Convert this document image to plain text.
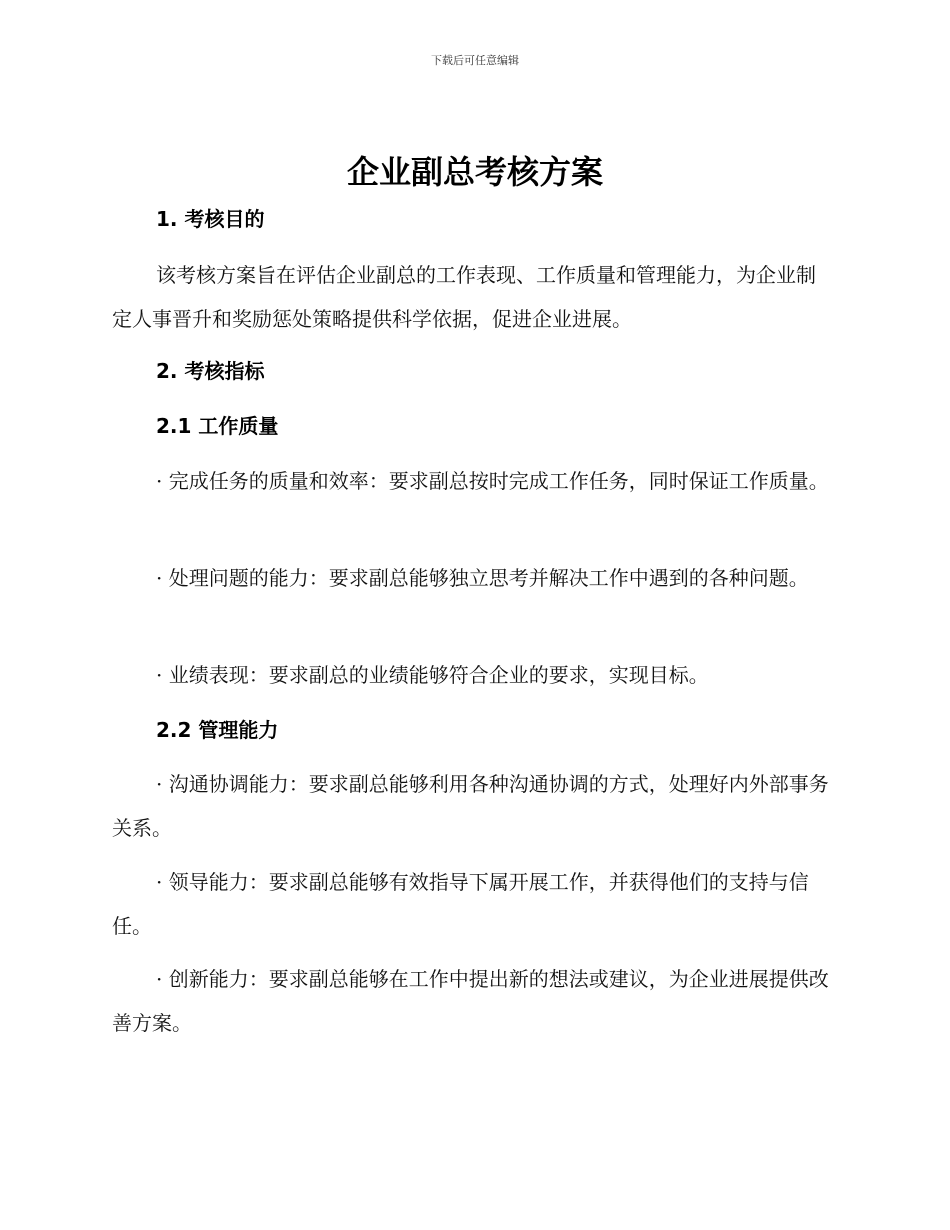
下载后可任意编辑
企业副总考核方案
1. 考核目的

该考核方案旨在评估企业副总的工作表现、工作质量和管理能力，为企业制定人事晋升和奖励惩处策略提供科学依据，促进企业进展。

2. 考核指标
2.1 工作质量

· 完成任务的质量和效率：要求副总按时完成工作任务，同时保证工作质量。

· 处理问题的能力：要求副总能够独立思考并解决工作中遇到的各种问题。

· 业绩表现：要求副总的业绩能够符合企业的要求，实现目标。

2.2 管理能力

· 沟通协调能力：要求副总能够利用各种沟通协调的方式，处理好内外部事务关系。

· 领导能力：要求副总能够有效指导下属开展工作，并获得他们的支持与信任。

· 创新能力：要求副总能够在工作中提出新的想法或建议，为企业进展提供改善方案。
